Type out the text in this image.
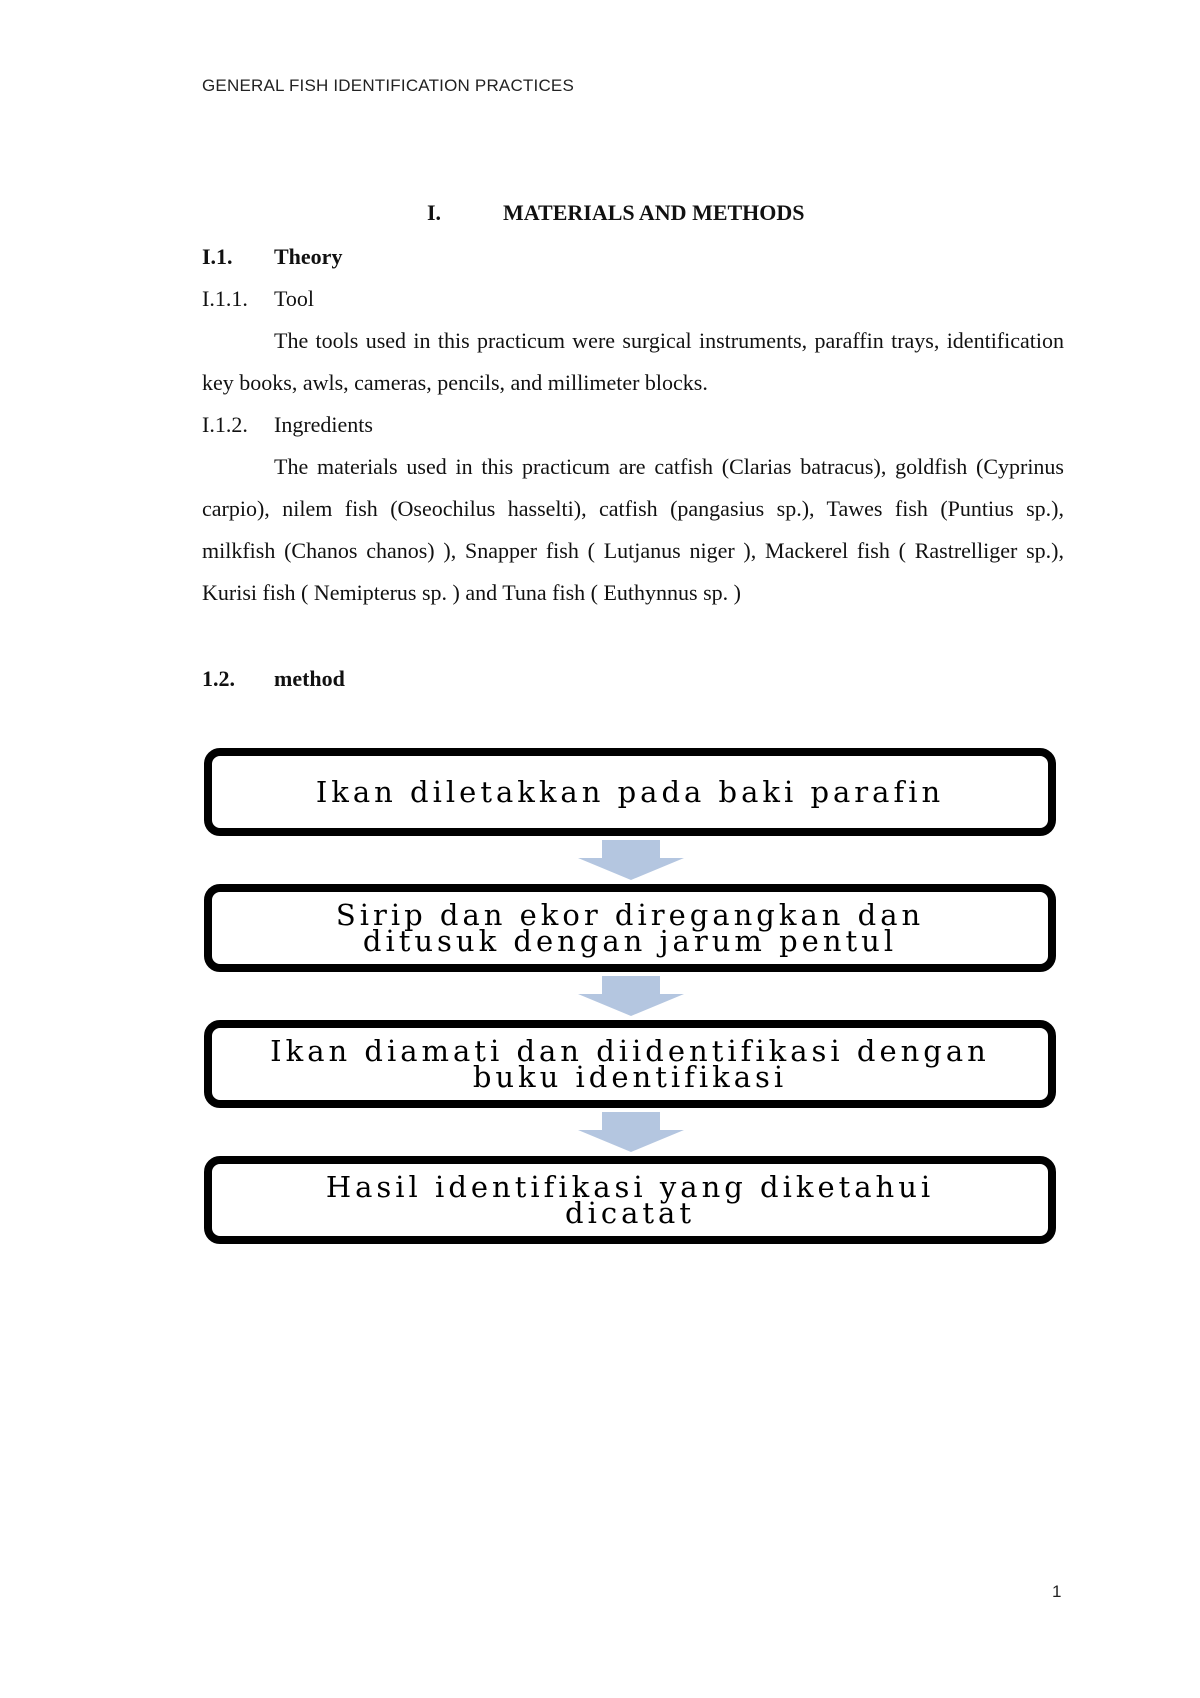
GENERAL FISH IDENTIFICATION PRACTICES
I.	MATERIALS AND METHODS
I.1. Theory
I.1.1. Tool
The tools used in this practicum were surgical instruments, paraffin trays, identification key books, awls, cameras, pencils, and millimeter blocks.
I.1.2. Ingredients
The materials used in this practicum are catfish (Clarias batracus), goldfish (Cyprinus carpio), nilem fish (Oseochilus hasselti), catfish (pangasius sp.), Tawes fish (Puntius sp.), milkfish (Chanos chanos) ), Snapper fish ( Lutjanus niger ), Mackerel fish ( Rastrelliger sp.), Kurisi fish ( Nemipterus sp. ) and Tuna fish ( Euthynnus sp. )
1.2. method
Ikan diletakkan pada baki parafin
Sirip dan ekor diregangkan dan ditusuk dengan jarum pentul
Ikan diamati dan diidentifikasi dengan buku identifikasi
Hasil identifikasi yang diketahui dicatat
1
